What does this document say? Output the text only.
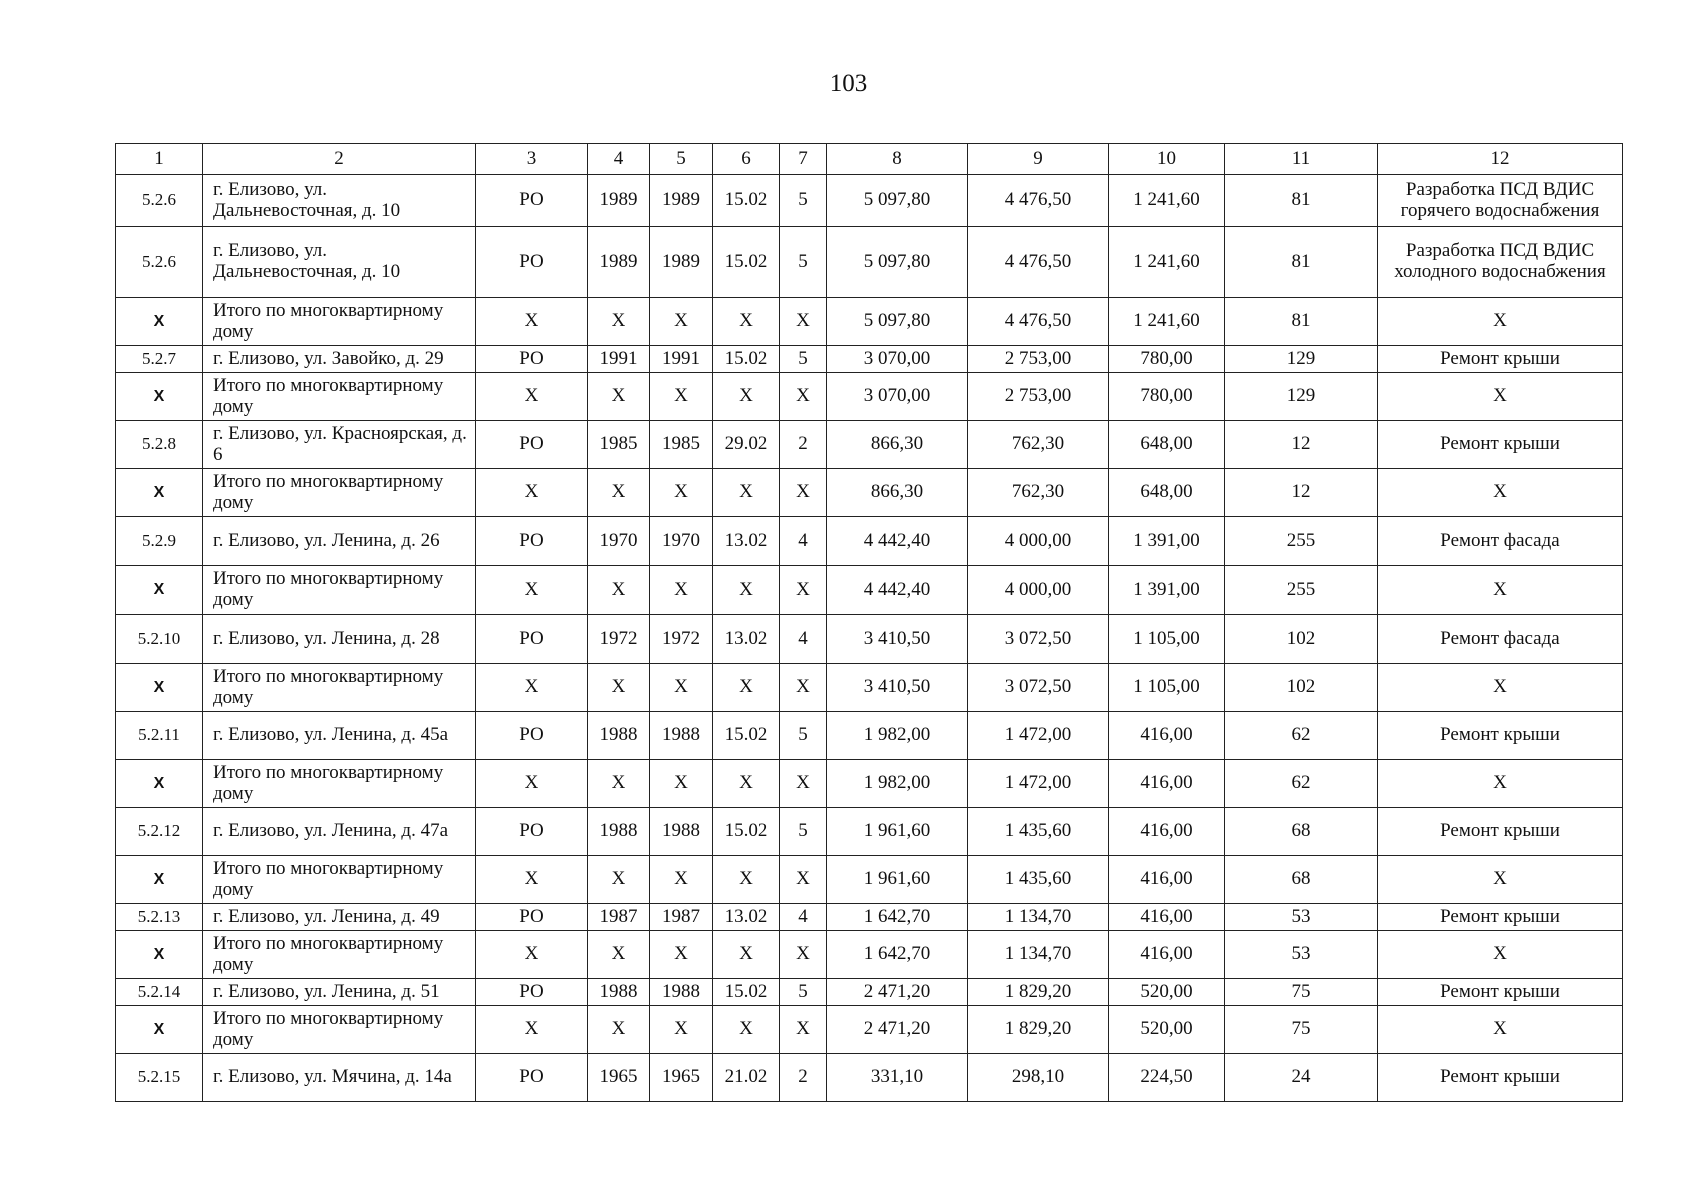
103
1	2	3	4	5	6	7	8	9	10	11	12
5.2.6	г. Елизово, ул. Дальневосточная, д. 10	РО	1989	1989	15.02	5	5 097,80	4 476,50	1 241,60	81	Разработка ПСД ВДИС горячего водоснабжения
5.2.6	г. Елизово, ул. Дальневосточная, д. 10	РО	1989	1989	15.02	5	5 097,80	4 476,50	1 241,60	81	Разработка ПСД ВДИС холодного водоснабжения
Х	Итого по многоквартирному дому	Х	Х	Х	Х	Х	5 097,80	4 476,50	1 241,60	81	Х
5.2.7	г. Елизово, ул. Завойко, д. 29	РО	1991	1991	15.02	5	3 070,00	2 753,00	780,00	129	Ремонт крыши
Х	Итого по многоквартирному дому	Х	Х	Х	Х	Х	3 070,00	2 753,00	780,00	129	Х
5.2.8	г. Елизово, ул. Красноярская, д. 6	РО	1985	1985	29.02	2	866,30	762,30	648,00	12	Ремонт крыши
Х	Итого по многоквартирному дому	Х	Х	Х	Х	Х	866,30	762,30	648,00	12	Х
5.2.9	г. Елизово, ул. Ленина, д. 26	РО	1970	1970	13.02	4	4 442,40	4 000,00	1 391,00	255	Ремонт фасада
Х	Итого по многоквартирному дому	Х	Х	Х	Х	Х	4 442,40	4 000,00	1 391,00	255	Х
5.2.10	г. Елизово, ул. Ленина, д. 28	РО	1972	1972	13.02	4	3 410,50	3 072,50	1 105,00	102	Ремонт фасада
Х	Итого по многоквартирному дому	Х	Х	Х	Х	Х	3 410,50	3 072,50	1 105,00	102	Х
5.2.11	г. Елизово, ул. Ленина, д. 45а	РО	1988	1988	15.02	5	1 982,00	1 472,00	416,00	62	Ремонт крыши
Х	Итого по многоквартирному дому	Х	Х	Х	Х	Х	1 982,00	1 472,00	416,00	62	Х
5.2.12	г. Елизово, ул. Ленина, д. 47а	РО	1988	1988	15.02	5	1 961,60	1 435,60	416,00	68	Ремонт крыши
Х	Итого по многоквартирному дому	Х	Х	Х	Х	Х	1 961,60	1 435,60	416,00	68	Х
5.2.13	г. Елизово, ул. Ленина, д. 49	РО	1987	1987	13.02	4	1 642,70	1 134,70	416,00	53	Ремонт крыши
Х	Итого по многоквартирному дому	Х	Х	Х	Х	Х	1 642,70	1 134,70	416,00	53	Х
5.2.14	г. Елизово, ул. Ленина, д. 51	РО	1988	1988	15.02	5	2 471,20	1 829,20	520,00	75	Ремонт крыши
Х	Итого по многоквартирному дому	Х	Х	Х	Х	Х	2 471,20	1 829,20	520,00	75	Х
5.2.15	г. Елизово, ул. Мячина, д. 14а	РО	1965	1965	21.02	2	331,10	298,10	224,50	24	Ремонт крыши
